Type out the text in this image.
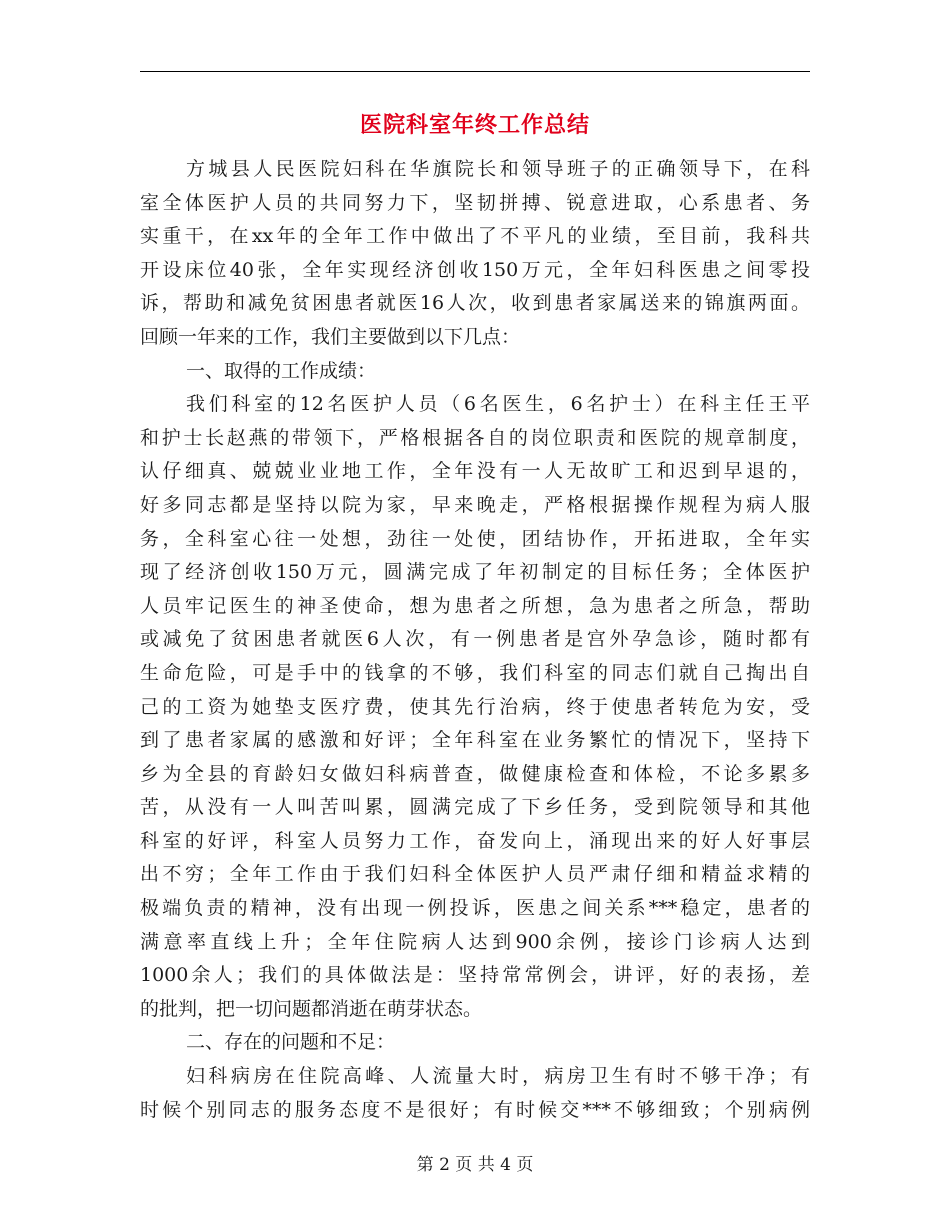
医院科室年终工作总结
方城县人民医院妇科在华旗院长和领导班子的正确领导下，在科
室全体医护人员的共同努力下，坚韧拼搏、锐意进取，心系患者、务
实重干，在xx年的全年工作中做出了不平凡的业绩，至目前，我科共
开设床位40张，全年实现经济创收150万元，全年妇科医患之间零投
诉，帮助和减免贫困患者就医16人次，收到患者家属送来的锦旗两面。
回顾一年来的工作，我们主要做到以下几点：
一、取得的工作成绩：
我们科室的12名医护人员（6名医生，6名护士）在科主任王平
和护士长赵燕的带领下，严格根据各自的岗位职责和医院的规章制度，
认仔细真、兢兢业业地工作，全年没有一人无故旷工和迟到早退的，
好多同志都是坚持以院为家，早来晚走，严格根据操作规程为病人服
务，全科室心往一处想，劲往一处使，团结协作，开拓进取，全年实
现了经济创收150万元，圆满完成了年初制定的目标任务；全体医护
人员牢记医生的神圣使命，想为患者之所想，急为患者之所急，帮助
或减免了贫困患者就医6人次，有一例患者是宫外孕急诊，随时都有
生命危险，可是手中的钱拿的不够，我们科室的同志们就自己掏出自
己的工资为她垫支医疗费，使其先行治病，终于使患者转危为安，受
到了患者家属的感激和好评；全年科室在业务繁忙的情况下，坚持下
乡为全县的育龄妇女做妇科病普查，做健康检查和体检，不论多累多
苦，从没有一人叫苦叫累，圆满完成了下乡任务，受到院领导和其他
科室的好评，科室人员努力工作，奋发向上，涌现出来的好人好事层
出不穷；全年工作由于我们妇科全体医护人员严肃仔细和精益求精的
极端负责的精神，没有出现一例投诉，医患之间关系***稳定，患者的
满意率直线上升；全年住院病人达到900余例，接诊门诊病人达到
1000余人；我们的具体做法是：坚持常常例会，讲评，好的表扬，差
的批判，把一切问题都消逝在萌芽状态。
二、存在的问题和不足：
妇科病房在住院高峰、人流量大时，病房卫生有时不够干净；有
时候个别同志的服务态度不是很好；有时候交***不够细致；个别病例
第 2 页 共 4 页
